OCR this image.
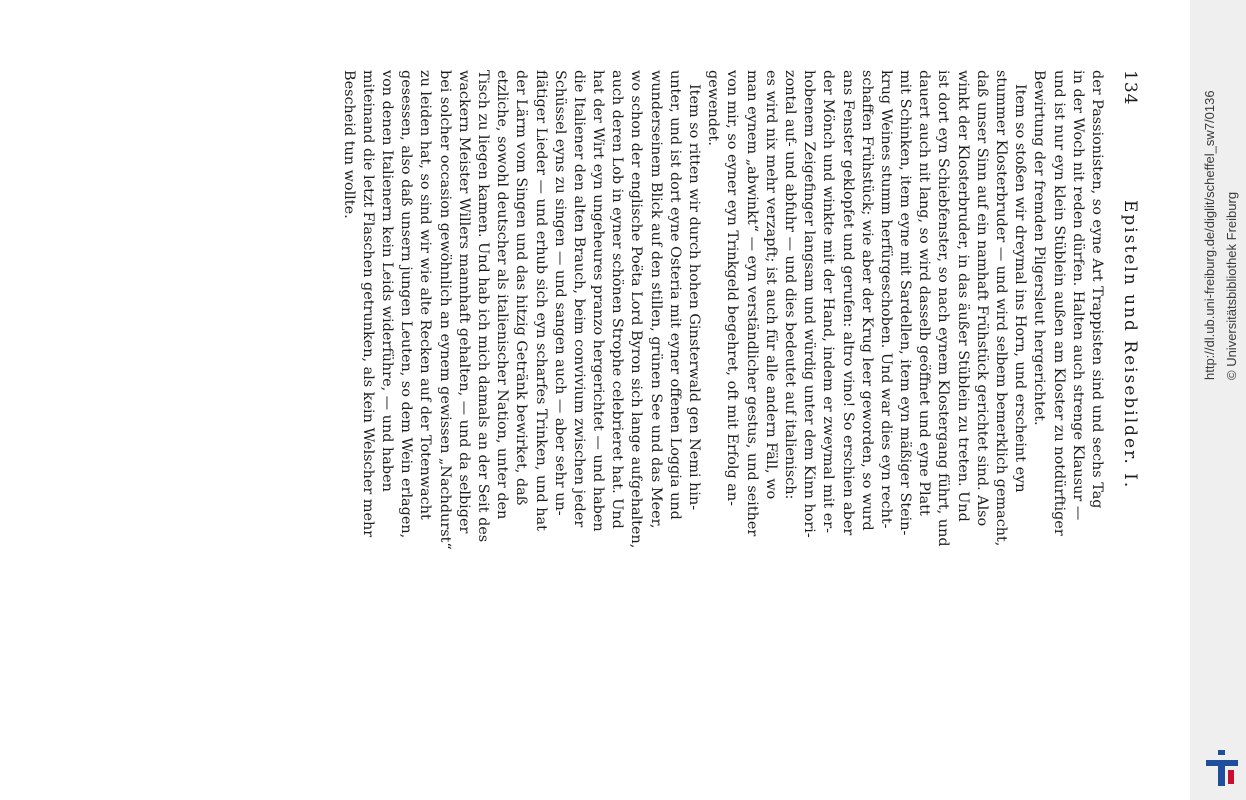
134
Episteln und Reisebilder. I.

der Passionisten, so eyne Art Trappisten sind und sechs Tag

in der Woch nit reden dürfen. Halten auch strenge Klausur —

und ist nur eyn klein Stüblein außen am Kloster zu notdürftiger

Bewirtung der fremden Pilgersleut hergerichtet.

Item so stoßen wir dreymal ins Horn, und erscheint eyn

stummer Klosterbruder — und wird selbem bemerklich gemacht,

daß unser Sinn auf ein namhaft Frühstück gerichtet sind. Also

winkt der Klosterbruder, in das äußer Stüblein zu treten. Und

ist dort eyn Schiebfenster, so nach eynem Klostergang führt, und

dauert auch nit lang, so wird dasselb geöffnet und eyne Platt

mit Schinken, item eyne mit Sardellen, item eyn mäßiger Stein-

krug Weines stumm herfürgeschoben. Und war dies eyn recht-

schaffen Frühstück; wie aber der Krug leer geworden, so wurd

ans Fenster geklopfet und gerufen: altro vino! So erschien aber

der Mönch und winkte mit der Hand, indem er zweymal mit er-

hobenem Zeigefinger langsam und würdig unter dem Kinn hori-

zontal auf- und abfuhr — und dies bedeutet auf italienisch:

es wird nix mehr verzapft; ist auch für alle andern Fäll, wo

man eynem „abwinkt“ — eyn verständlicher gestus, und seither

von mir, so eyner eyn Trinkgeld begehret, oft mit Erfolg an-

gewendet.

Item so ritten wir durch hohen Ginsterwald gen Nemi hin-

unter, und ist dort eyne Osteria mit eyner offenen Loggia und

wunderseinem Blick auf den stillen, grünen See und das Meer,

wo schon der englische Poëta Lord Byron sich lange aufgehalten,

auch deren Lob in eyner schönen Strophe celebrieret hat. Und

hat der Wirt eyn ungeheures pranzo hergerichtet — und haben

die Italiener den alten Brauch, beim convivium zwischen jeder

Schüssel eyns zu singen — und sangen auch — aber sehr un-

flätiger Lieder — und erhub sich eyn scharfes Trinken, und hat

der Lärm vom Singen und das hitzig Getränk bewirket, daß

etzliche, sowohl deutscher als italienischer Nation, unter den

Tisch zu liegen kamen. Und hab ich mich damals an der Seit des

wackern Meister Willers mannhaft gehalten, — und da selbiger

bei solcher occasion gewöhnlich an eynem gewissen „Nachdurst“

zu leiden hat, so sind wir wie alte Recken auf der Totenwacht

gesessen, also daß unsern jungen Leuten, so dem Wein erlagen,

von denen Italienern kein Leids widerführe, — und haben

miteinand die letzt Flaschen getrunken, als kein Welscher mehr

Bescheid tun wollte.	http://dl.ub.uni-freiburg.de/diglit/scheffel_sw7/0136 © Universitätsbibliothek Freiburg
